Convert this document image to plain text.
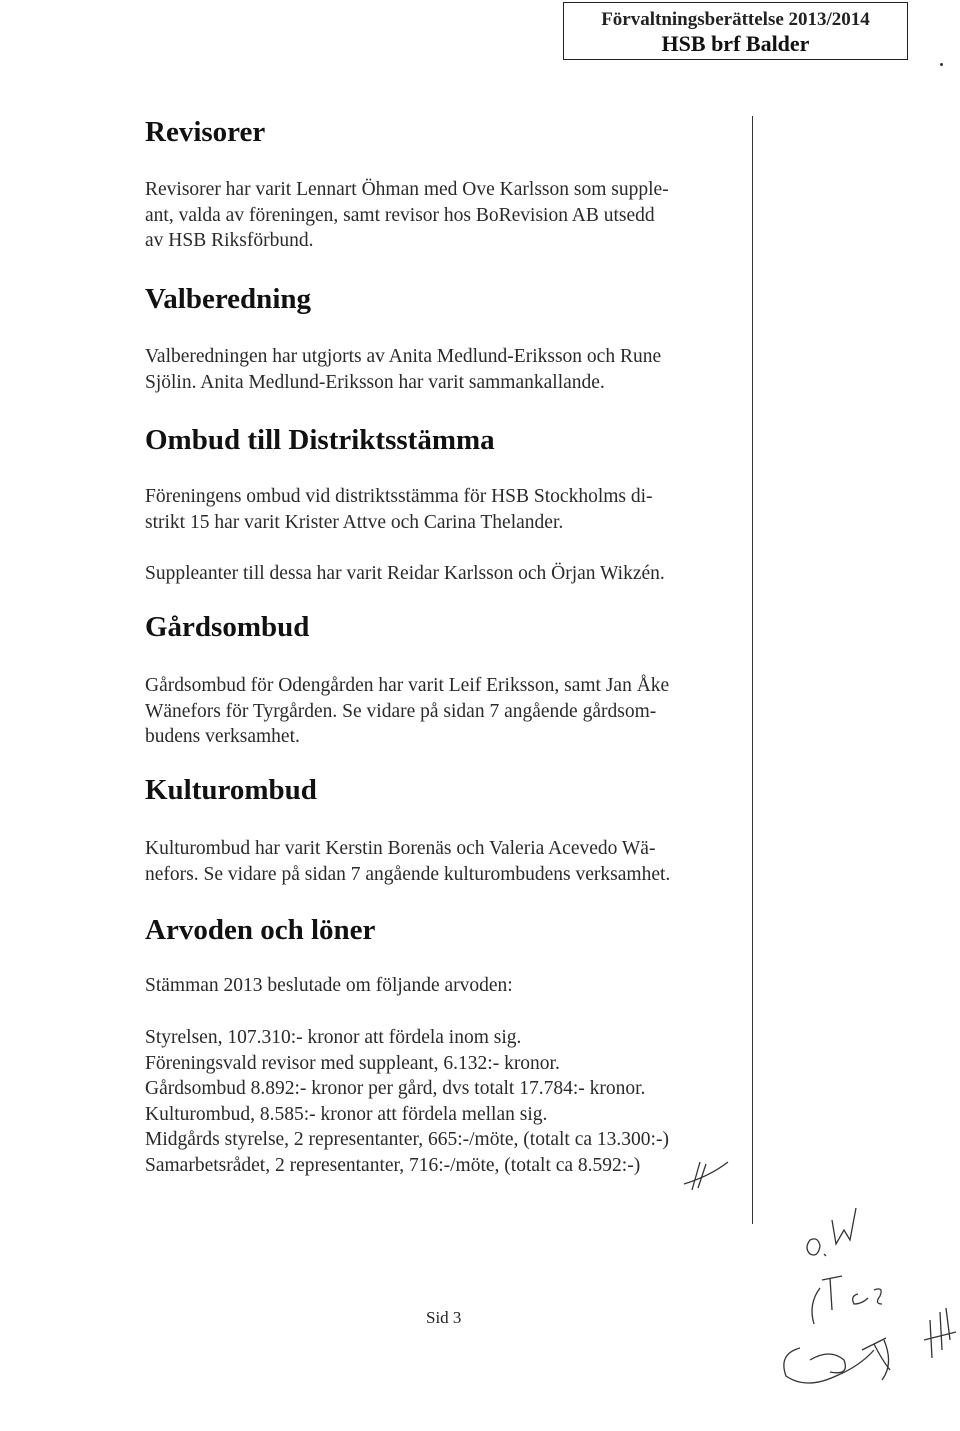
Förvaltningsberättelse 2013/2014
HSB brf Balder
Revisorer

Revisorer har varit Lennart Öhman med Ove Karlsson som supple-
ant, valda av föreningen, samt revisor hos BoRevision AB utsedd
av HSB Riksförbund.

Valberedning

Valberedningen har utgjorts av Anita Medlund-Eriksson och Rune
Sjölin. Anita Medlund-Eriksson har varit sammankallande.

Ombud till Distriktsstämma

Föreningens ombud vid distriktsstämma för HSB Stockholms di-
strikt 15 har varit Krister Attve och Carina Thelander.

Suppleanter till dessa har varit Reidar Karlsson och Örjan Wikzén.

Gårdsombud

Gårdsombud för Odengården har varit Leif Eriksson, samt Jan Åke
Wänefors för Tyrgården. Se vidare på sidan 7 angående gårdsom-
budens verksamhet.

Kulturombud

Kulturombud har varit Kerstin Borenäs och Valeria Acevedo Wä-
nefors. Se vidare på sidan 7 angående kulturombudens verksamhet.

Arvoden och löner

Stämman 2013 beslutade om följande arvoden:

Styrelsen, 107.310:- kronor att fördela inom sig.

Föreningsvald revisor med suppleant, 6.132:- kronor.

Gårdsombud 8.892:- kronor per gård, dvs totalt 17.784:- kronor.

Kulturombud, 8.585:- kronor att fördela mellan sig.

Midgårds styrelse, 2 representanter, 665:-/möte, (totalt ca 13.300:-)

Samarbetsrådet, 2 representanter, 716:-/möte, (totalt ca 8.592:-)

Sid 3
